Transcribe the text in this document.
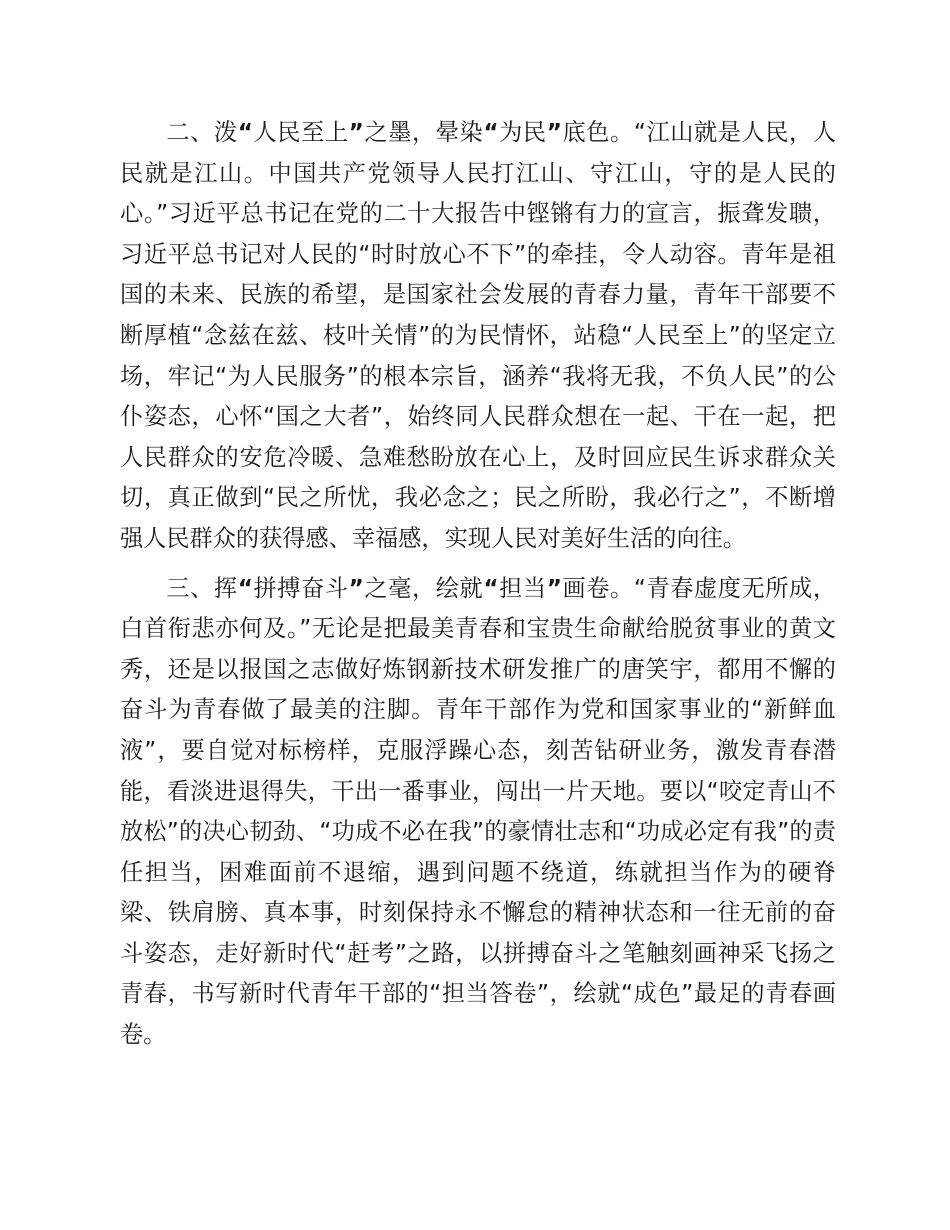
二、泼“人民至上”之墨，晕染“为民”底色。“江山就是人民，人民就是江山。中国共产党领导人民打江山、守江山，守的是人民的心。”习近平总书记在党的二十大报告中铿锵有力的宣言，振聋发聩，习近平总书记对人民的“时时放心不下”的牵挂，令人动容。青年是祖国的未来、民族的希望，是国家社会发展的青春力量，青年干部要不断厚植“念兹在兹、枝叶关情”的为民情怀，站稳“人民至上”的坚定立场，牢记“为人民服务”的根本宗旨，涵养“我将无我，不负人民”的公仆姿态，心怀“国之大者”，始终同人民群众想在一起、干在一起，把人民群众的安危冷暖、急难愁盼放在心上，及时回应民生诉求群众关切，真正做到“民之所忧，我必念之；民之所盼，我必行之”，不断增强人民群众的获得感、幸福感，实现人民对美好生活的向往。

三、挥“拼搏奋斗”之毫，绘就“担当”画卷。“青春虚度无所成，白首衔悲亦何及。”无论是把最美青春和宝贵生命献给脱贫事业的黄文秀，还是以报国之志做好炼钢新技术研发推广的唐笑宇，都用不懈的奋斗为青春做了最美的注脚。青年干部作为党和国家事业的“新鲜血液”，要自觉对标榜样，克服浮躁心态，刻苦钻研业务，激发青春潜能，看淡进退得失，干出一番事业，闯出一片天地。要以“咬定青山不放松”的决心韧劲、“功成不必在我”的豪情壮志和“功成必定有我”的责任担当，困难面前不退缩，遇到问题不绕道，练就担当作为的硬脊梁、铁肩膀、真本事，时刻保持永不懈怠的精神状态和一往无前的奋斗姿态，走好新时代“赶考”之路，以拼搏奋斗之笔触刻画神采飞扬之青春，书写新时代青年干部的“担当答卷”，绘就“成色”最足的青春画卷。
